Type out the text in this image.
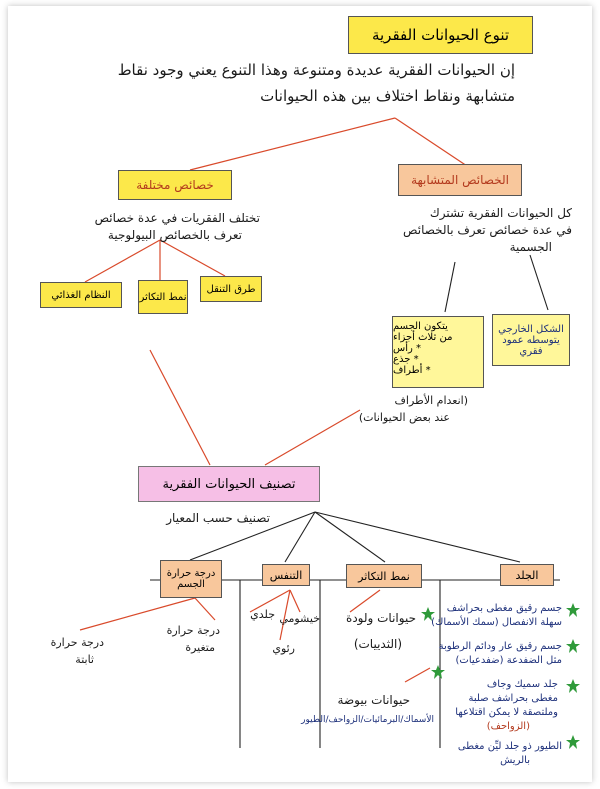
تنوع الحيوانات الفقرية
إن الحيوانات الفقرية عديدة ومتنوعة وهذا التنوع يعني وجود نقاط
متشابهة ونقاط اختلاف بين هذه الحيوانات
الخصائص المتشابهة
كل الحيوانات الفقرية تشترك
في عدة خصائص تعرف بالخصائص
الجسمية
الشكل الخارجي
يتوسطه عمود فقري
يتكون الجسم
من ثلاث أجزاء
* رأس
* جذع
* أطراف
(انعدام الأطراف
عند بعض الحيوانات)
خصائص مختلفة
تختلف الفقريات في عدة خصائص
تعرف بالخصائص البيولوجية
طرق التنقل
نمط التكاثر
النظام الغذائي
تصنيف الحيوانات الفقرية
تصنيف حسب المعيار
الجلد
نمط التكاثر
التنفس
درجة حرارة الجسم
جسم رقيق مغطى بحراشف
سهلة الانفصال (سمك الأسماك)
جسم رقيق عار ودائم الرطوبة
مثل الضفدعة (ضفدعيات)
جلد سميك وجاف
مغطى بحراشف صلبة
وملتصقة لا يمكن اقتلاعها
(الزواحف)
الطيور ذو جلد ليِّن مغطى
بالريش
حيوانات ولودة
(الثدييات)
حيوانات بيوضة
الأسماك/البرمائيات/الزواحف/الطيور
خيشومي
جلدي
رئوي
درجة حرارة
متغيرة
درجة حرارة
ثابتة
